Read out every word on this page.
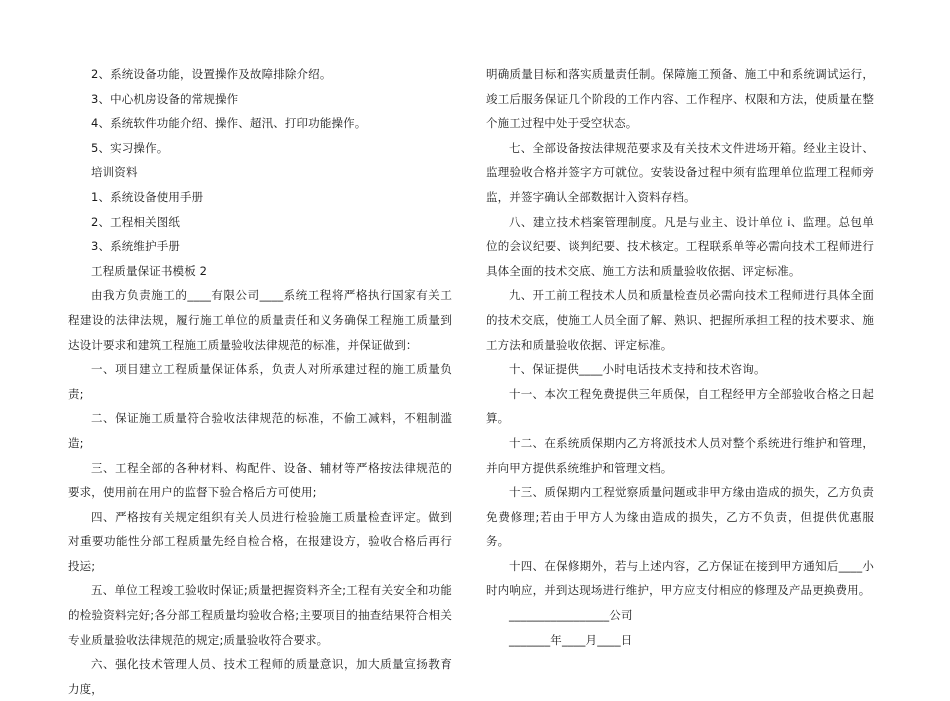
2、系统设备功能，设置操作及故障排除介绍。

3、中心机房设备的常规操作

4、系统软件功能介绍、操作、超汛、打印功能操作。

5、实习操作。

培训资料

1、系统设备使用手册

2、工程相关图纸

3、系统维护手册

工程质量保证书模板 2

由我方负责施工的____有限公司____系统工程将严格执行国家有关工程建设的法律法规，履行施工单位的质量责任和义务确保工程施工质量到达设计要求和建筑工程施工质量验收法律规范的标准，并保证做到：

一、项目建立工程质量保证体系，负责人对所承建过程的施工质量负责;

二、保证施工质量符合验收法律规范的标准，不偷工减料，不粗制滥造;

三、工程全部的各种材料、构配件、设备、辅材等严格按法律规范的要求，使用前在用户的监督下验合格后方可使用;

四、严格按有关规定组织有关人员进行检验施工质量检查评定。做到对重要功能性分部工程质量先经自检合格，在报建设方，验收合格后再行投运;

五、单位工程竣工验收时保证;质量把握资料齐全;工程有关安全和功能的检验资料完好;各分部工程质量均验收合格;主要项目的抽查结果符合相关专业质量验收法律规范的规定;质量验收符合要求。

六、强化技术管理人员、技术工程师的质量意识，加大质量宣扬教育力度，

明确质量目标和落实质量责任制。保障施工预备、施工中和系统调试运行，竣工后服务保证几个阶段的工作内容、工作程序、权限和方法，使质量在整个施工过程中处于受空状态。

七、全部设备按法律规范要求及有关技术文件进场开箱。经业主设计、监理验收合格并签字方可就位。安装设备过程中须有监理单位监理工程师旁监，并签字确认全部数据计入资料存档。

八、建立技术档案管理制度。凡是与业主、设计单位 i、监理。总包单位的会议纪要、谈判纪要、技术核定。工程联系单等必需向技术工程师进行具体全面的技术交底、施工方法和质量验收依据、评定标准。

九、开工前工程技术人员和质量检查员必需向技术工程师进行具体全面的技术交底，使施工人员全面了解、熟识、把握所承担工程的技术要求、施工方法和质量验收依据、评定标准。

十、保证提供____小时电话技术支持和技术咨询。

十一、本次工程免费提供三年质保，自工程经甲方全部验收合格之日起算。

十二、在系统质保期内乙方将派技术人员对整个系统进行维护和管理，并向甲方提供系统维护和管理文档。

十三、质保期内工程觉察质量问题或非甲方缘由造成的损失，乙方负责免费修理;若由于甲方人为缘由造成的损失，乙方不负责，但提供优惠服务。

十四、在保修期外，若与上述内容，乙方保证在接到甲方通知后____小时内响应，并到达现场进行维护，甲方应支付相应的修理及产品更换费用。

_________________公司

_______年____月____日
